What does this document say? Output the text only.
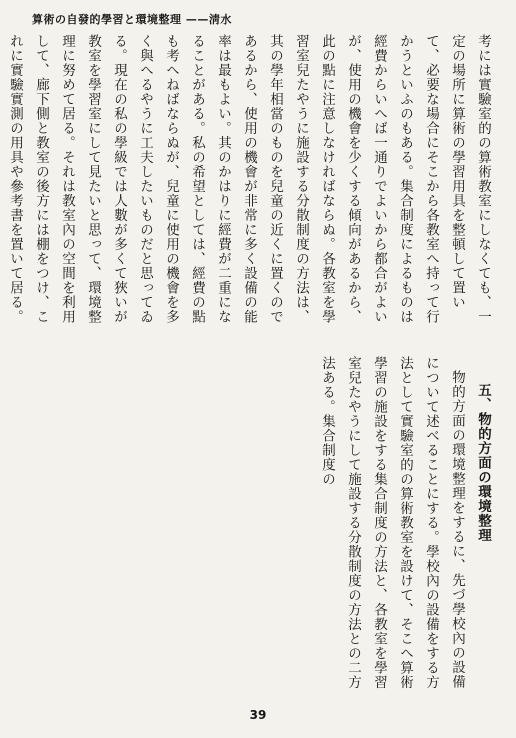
算術の自發的學習と環境整理 ——淸水

考には實驗室的の算術教室にしなくても、一定の場所に算術の學習用具を整頓して置いて、必要な場合にそこから各教室へ持って行かうといふのもある。集合制度によるものは經費からいへば一通りでよいから都合がよいが、使用の機會を少くする傾向があるから、此の點に注意しなければならぬ。各教室を學習室兒たやうに施設する分散制度の方法は、其の學年相當のものを兒童の近くに置くのであるから、使用の機會が非常に多く設備の能率は最もよい。其のかはりに經費が二重になることがある。私の希望としては、經費の點も考へねばならぬが、兒童に使用の機會を多く與へるやうに工夫したいものだと思ってゐる。現在の私の學級では人數が多くて狹いが教室を學習室にして見たいと思って、環境整理に努めて居る。それは教室內の空間を利用して、廊下側と教室の後方には棚をつけ、これに實驗實測の用具や參考書を置いて居る。

五、物的方面の環境整理

物的方面の環境整理をするに、先づ學校內の設備について述べることにする。學校內の設備をする方法として實驗室的の算術教室を設けて、そこへ算術學習の施設をする集合制度の方法と、各教室を學習室兒たやうにして施設する分散制度の方法との二方法ある。集合制度の

39
